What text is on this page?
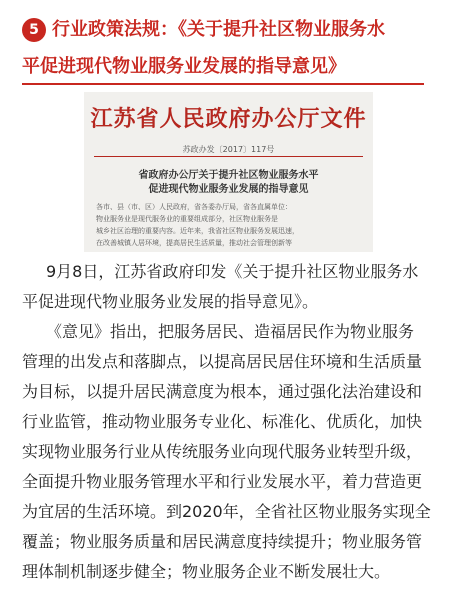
5 行业政策法规：《关于提升社区物业服务水
平促进现代物业服务业发展的指导意见》
江苏省人民政府办公厅文件
苏政办发〔2017〕117号
省政府办公厅关于提升社区物业服务水平
促进现代物业服务业发展的指导意见
各市、县（市、区）人民政府，省各委办厅局，省各直属单位：
物业服务业是现代服务业的重要组成部分，社区物业服务是
城乡社区治理的重要内容。近年来，我省社区物业服务发展迅速，
在改善城镇人居环境，提高居民生活质量，推动社会管理创新等
9月8日，江苏省政府印发《关于提升社区物业服务水
平促进现代物业服务业发展的指导意见》。
《意见》指出，把服务居民、造福居民作为物业服务
管理的出发点和落脚点，以提高居民居住环境和生活质量
为目标，以提升居民满意度为根本，通过强化法治建设和
行业监管，推动物业服务专业化、标准化、优质化，加快
实现物业服务行业从传统服务业向现代服务业转型升级，
全面提升物业服务管理水平和行业发展水平，着力营造更
为宜居的生活环境。到2020年，全省社区物业服务实现全
覆盖；物业服务质量和居民满意度持续提升；物业服务管
理体制机制逐步健全；物业服务企业不断发展壮大。
